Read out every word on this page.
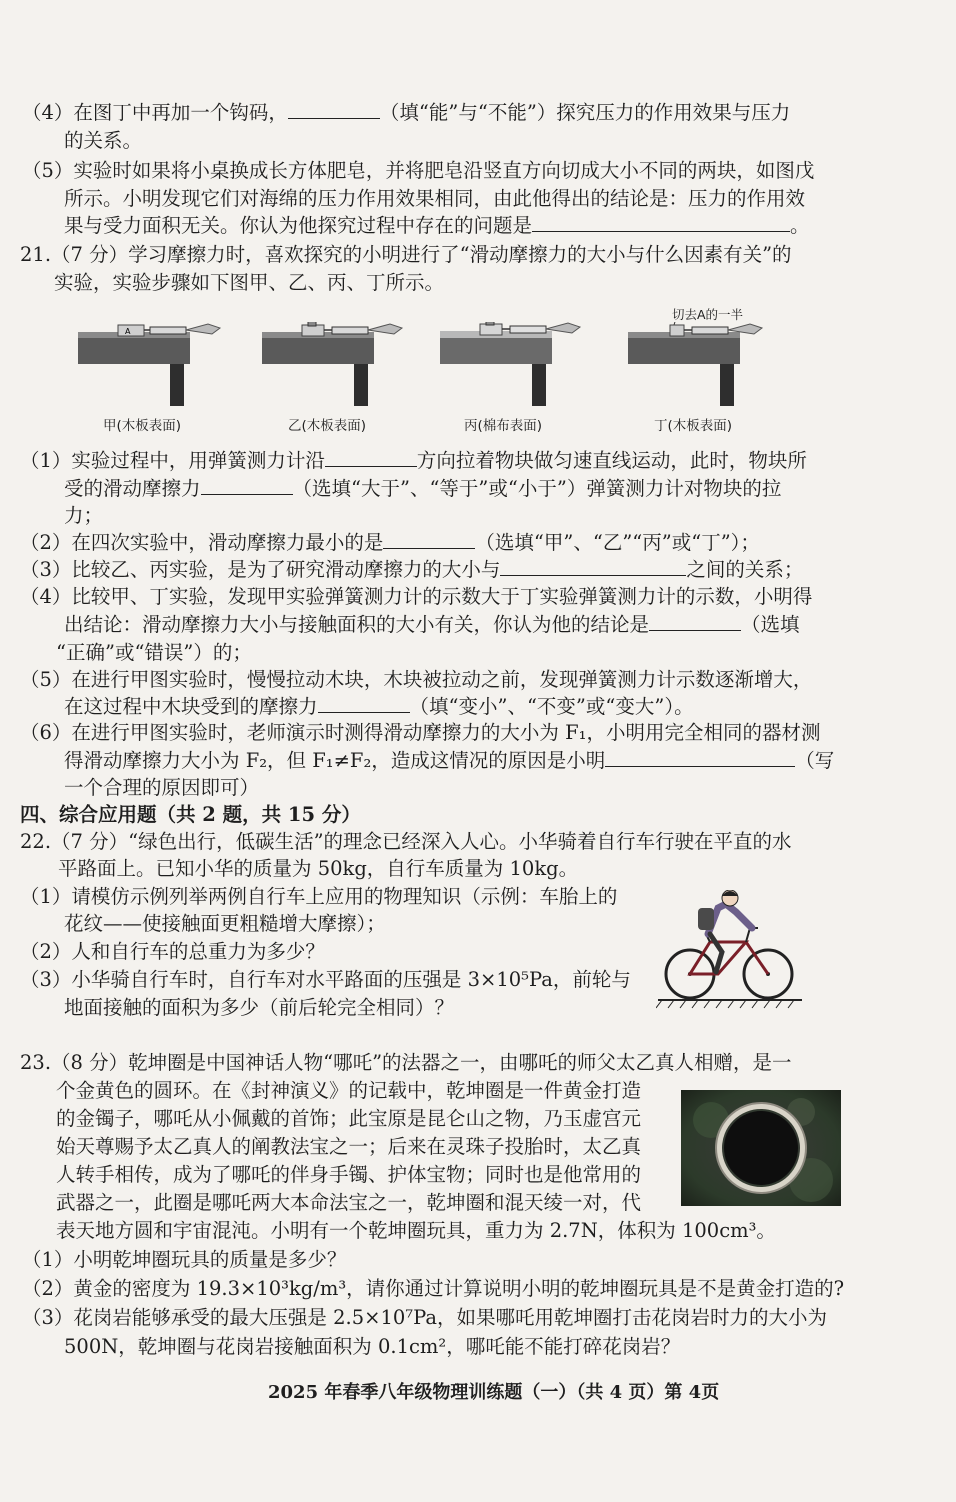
（4）在图丁中再加一个钩码，	（填“能”与“不能”）探究压力的作用效果与压力
的关系。
（5）实验时如果将小桌换成长方体肥皂，并将肥皂沿竖直方向切成大小不同的两块，如图戊
所示。小明发现它们对海绵的压力作用效果相同，由此他得出的结论是：压力的作用效
果与受力面积无关。你认为他探究过程中存在的问题是	。
21.（7 分）学习摩擦力时，喜欢探究的小明进行了“滑动摩擦力的大小与什么因素有关”的
实验，实验步骤如下图甲、乙、丙、丁所示。
A
甲(木板表面)	乙(木板表面)	丙(棉布表面)
切去A的一半
丁(木板表面)
（1）实验过程中，用弹簧测力计沿	方向拉着物块做匀速直线运动，此时，物块所
受的滑动摩擦力	（选填“大于”、“等于”或“小于”）弹簧测力计对物块的拉
力；
（2）在四次实验中，滑动摩擦力最小的是	（选填“甲”、“乙”“丙”或“丁”）；
（3）比较乙、丙实验，是为了研究滑动摩擦力的大小与	之间的关系；
（4）比较甲、丁实验，发现甲实验弹簧测力计的示数大于丁实验弹簧测力计的示数，小明得
出结论：滑动摩擦力大小与接触面积的大小有关，你认为他的结论是	（选填
“正确”或“错误”）的；
（5）在进行甲图实验时，慢慢拉动木块，木块被拉动之前，发现弹簧测力计示数逐渐增大，
在这过程中木块受到的摩擦力	（填“变小”、“不变”或“变大”）。
（6）在进行甲图实验时，老师演示时测得滑动摩擦力的大小为 F₁，小明用完全相同的器材测
得滑动摩擦力大小为 F₂，但 F₁≠F₂，造成这情况的原因是小明	（写
一个合理的原因即可）
四、综合应用题（共 2 题，共 15 分）
22.（7 分）“绿色出行，低碳生活”的理念已经深入人心。小华骑着自行车行驶在平直的水
平路面上。已知小华的质量为 50kg，自行车质量为 10kg。
（1）请模仿示例列举两例自行车上应用的物理知识（示例：车胎上的
花纹——使接触面更粗糙增大摩擦）；
（2）人和自行车的总重力为多少？
（3）小华骑自行车时，自行车对水平路面的压强是 3×10⁵Pa，前轮与
地面接触的面积为多少（前后轮完全相同）？
23.（8 分）乾坤圈是中国神话人物“哪吒”的法器之一，由哪吒的师父太乙真人相赠，是一
个金黄色的圆环。在《封神演义》的记载中，乾坤圈是一件黄金打造
的金镯子，哪吒从小佩戴的首饰；此宝原是昆仑山之物，乃玉虚宫元
始天尊赐予太乙真人的阐教法宝之一；后来在灵珠子投胎时，太乙真
人转手相传，成为了哪吒的伴身手镯、护体宝物；同时也是他常用的
武器之一，此圈是哪吒两大本命法宝之一，乾坤圈和混天绫一对，代
表天地方圆和宇宙混沌。小明有一个乾坤圈玩具，重力为 2.7N，体积为 100cm³。
（1）小明乾坤圈玩具的质量是多少？
（2）黄金的密度为 19.3×10³kg/m³，请你通过计算说明小明的乾坤圈玩具是不是黄金打造的?
（3）花岗岩能够承受的最大压强是 2.5×10⁷Pa，如果哪吒用乾坤圈打击花岗岩时力的大小为
500N，乾坤圈与花岗岩接触面积为 0.1cm²，哪吒能不能打碎花岗岩？
2025 年春季八年级物理训练题（一）（共 4 页）第 4页
